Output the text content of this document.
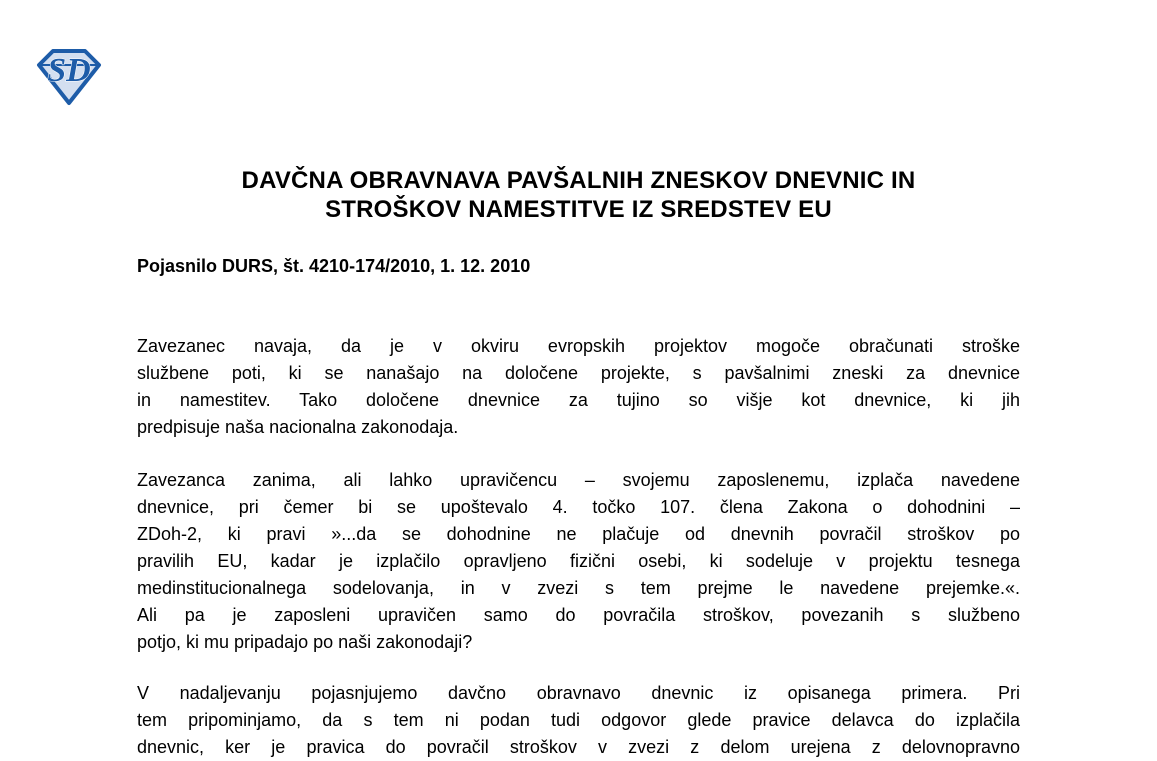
SD
DAVČNA OBRAVNAVA PAVŠALNIH ZNESKOV DNEVNIC IN
STROŠKOV NAMESTITVE IZ SREDSTEV EU
Pojasnilo DURS, št. 4210-174/2010, 1. 12. 2010
Zavezanec navaja, da je v okviru evropskih projektov mogoče obračunati stroške
službene poti, ki se nanašajo na določene projekte, s pavšalnimi zneski za dnevnice
in namestitev. Tako določene dnevnice za tujino so višje kot dnevnice, ki jih
predpisuje naša nacionalna zakonodaja.
Zavezanca zanima, ali lahko upravičencu – svojemu zaposlenemu, izplača navedene
dnevnice, pri čemer bi se upoštevalo 4. točko 107. člena Zakona o dohodnini –
ZDoh-2, ki pravi »...da se dohodnine ne plačuje od dnevnih povračil stroškov po
pravilih EU, kadar je izplačilo opravljeno fizični osebi, ki sodeluje v projektu tesnega
medinstitucionalnega sodelovanja, in v zvezi s tem prejme le navedene prejemke.«.
Ali pa je zaposleni upravičen samo do povračila stroškov, povezanih s službeno
potjo, ki mu pripadajo po naši zakonodaji?
V nadaljevanju pojasnjujemo davčno obravnavo dnevnic iz opisanega primera. Pri
tem pripominjamo, da s tem ni podan tudi odgovor glede pravice delavca do izplačila
dnevnic, ker je pravica do povračil stroškov v zvezi z delom urejena z delovnopravno
